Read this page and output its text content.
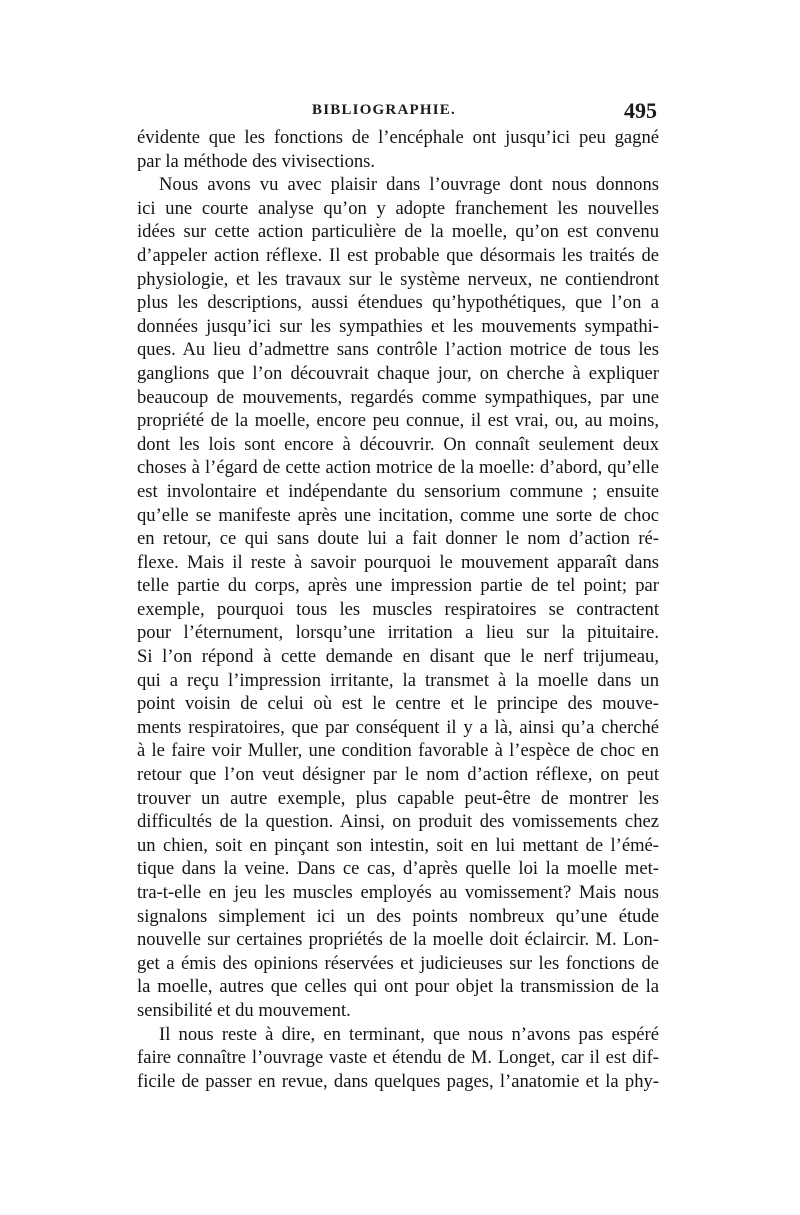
BIBLIOGRAPHIE.	495
évidente que les fonctions de l’encéphale ont jusqu’ici peu gagné
par la méthode des vivisections.
Nous avons vu avec plaisir dans l’ouvrage dont nous donnons
ici une courte analyse qu’on y adopte franchement les nouvelles
idées sur cette action particulière de la moelle, qu’on est convenu
d’appeler action réflexe. Il est probable que désormais les traités de
physiologie, et les travaux sur le système nerveux, ne contiendront
plus les descriptions, aussi étendues qu’hypothétiques, que l’on a
données jusqu’ici sur les sympathies et les mouvements sympathi-
ques. Au lieu d’admettre sans contrôle l’action motrice de tous les
ganglions que l’on découvrait chaque jour, on cherche à expliquer
beaucoup de mouvements, regardés comme sympathiques, par une
propriété de la moelle, encore peu connue, il est vrai, ou, au moins,
dont les lois sont encore à découvrir. On connaît seulement deux
choses à l’égard de cette action motrice de la moelle: d’abord, qu’elle
est involontaire et indépendante du sensorium commune ; ensuite
qu’elle se manifeste après une incitation, comme une sorte de choc
en retour, ce qui sans doute lui a fait donner le nom d’action ré-
flexe. Mais il reste à savoir pourquoi le mouvement apparaît dans
telle partie du corps, après une impression partie de tel point; par
exemple, pourquoi tous les muscles respiratoires se contractent
pour l’éternument, lorsqu’une irritation a lieu sur la pituitaire.
Si l’on répond à cette demande en disant que le nerf trijumeau,
qui a reçu l’impression irritante, la transmet à la moelle dans un
point voisin de celui où est le centre et le principe des mouve-
ments respiratoires, que par conséquent il y a là, ainsi qu’a cherché
à le faire voir Muller, une condition favorable à l’espèce de choc en
retour que l’on veut désigner par le nom d’action réflexe, on peut
trouver un autre exemple, plus capable peut-être de montrer les
difficultés de la question. Ainsi, on produit des vomissements chez
un chien, soit en pinçant son intestin, soit en lui mettant de l’émé-
tique dans la veine. Dans ce cas, d’après quelle loi la moelle met-
tra-t-elle en jeu les muscles employés au vomissement? Mais nous
signalons simplement ici un des points nombreux qu’une étude
nouvelle sur certaines propriétés de la moelle doit éclaircir. M. Lon-
get a émis des opinions réservées et judicieuses sur les fonctions de
la moelle, autres que celles qui ont pour objet la transmission de la
sensibilité et du mouvement.
Il nous reste à dire, en terminant, que nous n’avons pas espéré
faire connaître l’ouvrage vaste et étendu de M. Longet, car il est dif-
ficile de passer en revue, dans quelques pages, l’anatomie et la phy-
